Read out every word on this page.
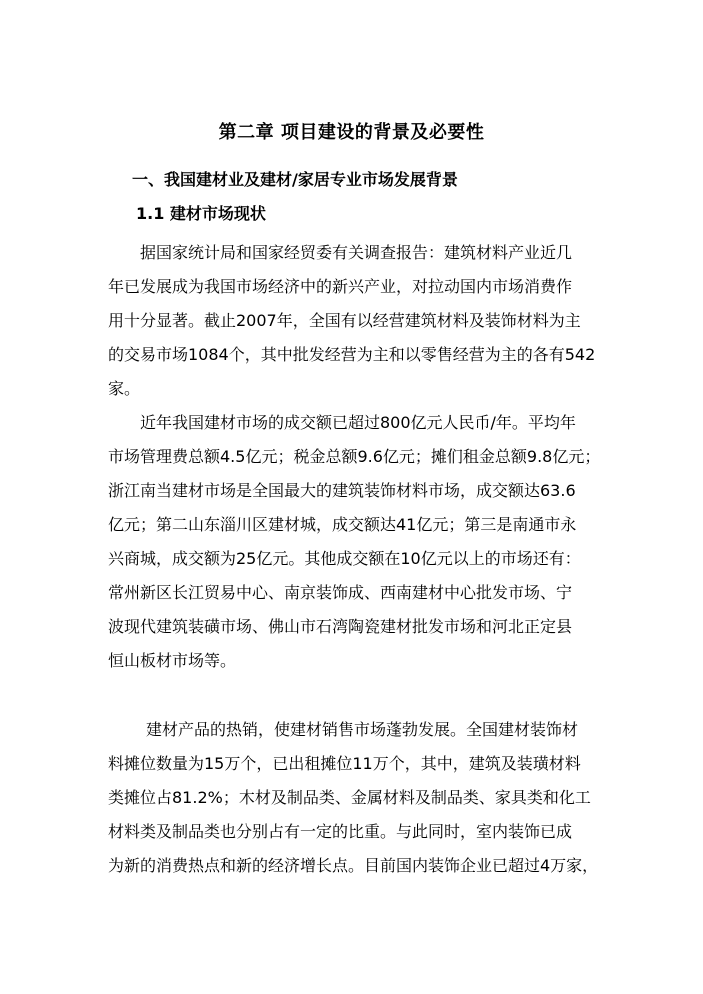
第二章 项目建设的背景及必要性
一、我国建材业及建材/家居专业市场发展背景
1.1 建材市场现状
据国家统计局和国家经贸委有关调查报告：建筑材料产业近几
年已发展成为我国市场经济中的新兴产业，对拉动国内市场消费作
用十分显著。截止2007年，全国有以经营建筑材料及装饰材料为主
的交易市场1084个，其中批发经营为主和以零售经营为主的各有542
家。
近年我国建材市场的成交额已超过800亿元人民币/年。平均年
市场管理费总额4.5亿元；税金总额9.6亿元；摊们租金总额9.8亿元；
浙江南当建材市场是全国最大的建筑装饰材料市场，成交额达63.6
亿元；第二山东淄川区建材城，成交额达41亿元；第三是南通市永
兴商城，成交额为25亿元。其他成交额在10亿元以上的市场还有：
常州新区长江贸易中心、南京装饰成、西南建材中心批发市场、宁
波现代建筑装磺市场、佛山市石湾陶瓷建材批发市场和河北正定县
恒山板材市场等。
建材产品的热销，使建材销售市场蓬勃发展。全国建材装饰材
料摊位数量为15万个，已出租摊位11万个，其中，建筑及装璜材料
类摊位占81.2%；木材及制品类、金属材料及制品类、家具类和化工
材料类及制品类也分别占有一定的比重。与此同时，室内装饰已成
为新的消费热点和新的经济增长点。目前国内装饰企业已超过4万家，
